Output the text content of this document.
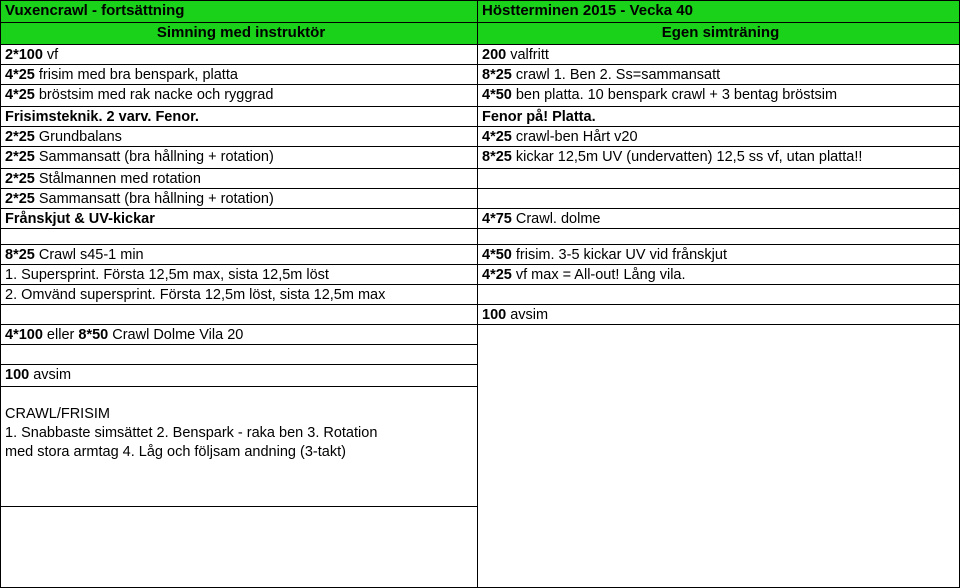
Vuxencrawl - fortsättning
Simning med instruktör
2*100 vf
4*25 frisim med bra benspark, platta
4*25 bröstsim med rak nacke och ryggrad
Frisimsteknik. 2 varv. Fenor.
2*25 Grundbalans
2*25 Sammansatt (bra hållning + rotation)
2*25 Stålmannen med rotation
2*25 Sammansatt (bra hållning + rotation)
Frånskjut & UV-kickar
8*25 Crawl s45-1 min
1. Supersprint. Första 12,5m max, sista 12,5m löst
2. Omvänd supersprint. Första 12,5m löst, sista 12,5m max
4*100 eller 8*50 Crawl Dolme Vila 20
100 avsim
CRAWL/FRISIM
1. Snabbaste simsättet 2. Benspark - raka ben 3. Rotation med stora armtag 4. Låg och följsam andning (3-takt)
Höstterminen 2015 - Vecka 40
Egen simträning
200 valfritt
8*25 crawl 1. Ben 2. Ss=sammansatt
4*50 ben platta. 10 benspark crawl + 3 bentag bröstsim
Fenor på! Platta.
4*25 crawl-ben Hårt v20
8*25 kickar 12,5m UV (undervatten) 12,5 ss vf, utan platta!!
4*75 Crawl. dolme
4*50 frisim. 3-5 kickar UV vid frånskjut
4*25 vf max = All-out! Lång vila.
100 avsim
